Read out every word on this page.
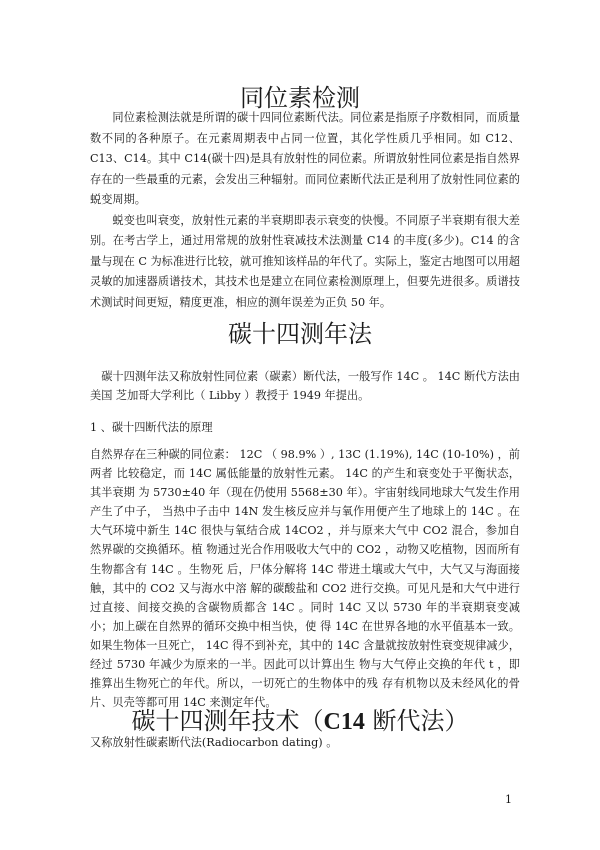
同位素检测

同位素检测法就是所谓的碳十四同位素断代法。同位素是指原子序数相同，而质量数不同的各种原子。在元素周期表中占同一位置，其化学性质几乎相同。如 C12、C13、C14。其中 C14(碳十四)是具有放射性的同位素。所谓放射性同位素是指自然界存在的一些最重的元素，会发出三种辐射。而同位素断代法正是利用了放射性同位素的蜕变周期。

蜕变也叫衰变，放射性元素的半衰期即表示衰变的快慢。不同原子半衰期有很大差别。在考古学上，通过用常规的放射性衰减技术法测量 C14 的丰度(多少)。C14 的含量与现在 C 为标准进行比较，就可推知该样品的年代了。实际上，鉴定古地图可以用超灵敏的加速器质谱技术，其技术也是建立在同位素检测原理上，但要先进很多。质谱技术测试时间更短，精度更准，相应的测年误差为正负 50 年。

碳十四测年法

碳十四测年法又称放射性同位素（碳素）断代法，一般写作 14C 。 14C 断代方法由美国 芝加哥大学利比（ Libby ）教授于 1949 年提出。

1 、碳十四断代法的原理

自然界存在三种碳的同位素： 12C （ 98.9% ）, 13C (1.19%), 14C (10-10%) ，前两者 比较稳定，而 14C 属低能量的放射性元素。 14C 的产生和衰变处于平衡状态，其半衰期 为 5730±40 年（现在仍使用 5568±30 年）。宇宙射线同地球大气发生作用产生了中子， 当热中子击中 14N 发生核反应并与氧作用便产生了地球上的 14C 。在大气环境中新生 14C 很快与氧结合成 14CO2 ，并与原来大气中 CO2 混合，参加自然界碳的交换循环。植 物通过光合作用吸收大气中的 CO2 ，动物又吃植物，因而所有生物都含有 14C 。生物死 后，尸体分解将 14C 带进土壤或大气中，大气又与海面接触，其中的 CO2 又与海水中溶 解的碳酸盐和 CO2 进行交换。可见凡是和大气中进行过直接、间接交换的含碳物质都含 14C 。同时 14C 又以 5730 年的半衰期衰变减小；加上碳在自然界的循环交换中相当快，使 得 14C 在世界各地的水平值基本一致。如果生物体一旦死亡， 14C 得不到补充，其中的 14C 含量就按放射性衰变规律减少，经过 5730 年减少为原来的一半。因此可以计算出生 物与大气停止交换的年代 t ，即推算出生物死亡的年代。所以，一切死亡的生物体中的残 存有机物以及未经风化的骨片、贝壳等都可用 14C 来测定年代。

碳十四测年技术（C14 断代法）
又称放射性碳素断代法(Radiocarbon dating) 。
1
